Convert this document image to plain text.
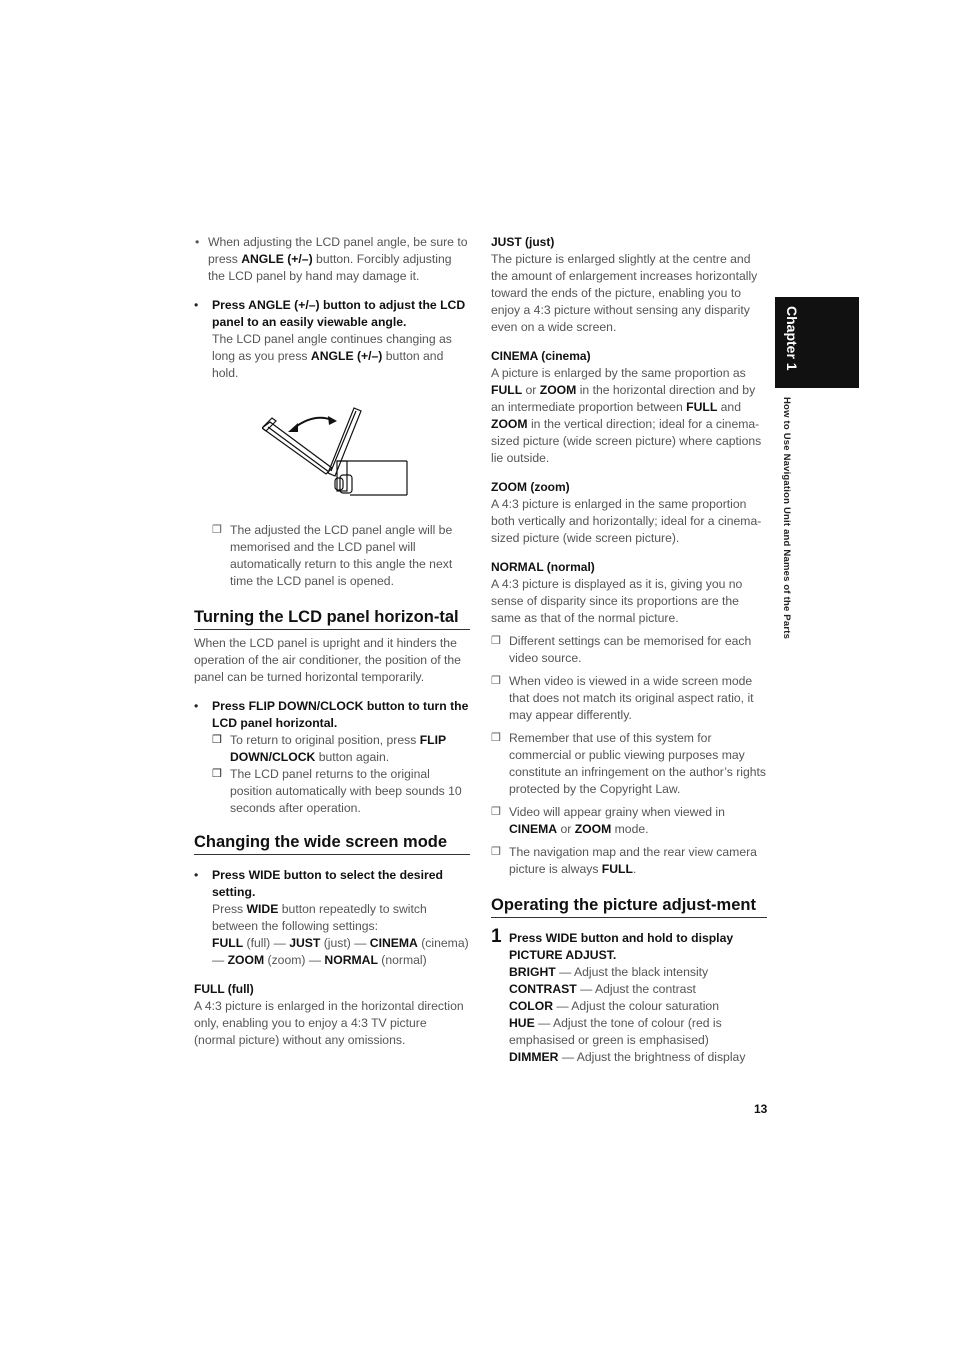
• When adjusting the LCD panel angle, be sure to press ANGLE (+/–) button. Forcibly adjusting the LCD panel by hand may damage it.

• Press ANGLE (+/–) button to adjust the LCD panel to an easily viewable angle.

The LCD panel angle continues changing as long as you press ANGLE (+/–) button and hold.

❒ The adjusted the LCD panel angle will be memorised and the LCD panel will automatically return to this angle the next time the LCD panel is opened.

Turning the LCD panel horizon-tal

When the LCD panel is upright and it hinders the operation of the air conditioner, the position of the panel can be turned horizontal temporarily.

• Press FLIP DOWN/CLOCK button to turn the LCD panel horizontal.

❒ To return to original position, press FLIP DOWN/CLOCK button again.

❒ The LCD panel returns to the original position automatically with beep sounds 10 seconds after operation.

Changing the wide screen mode
• Press WIDE button to select the desired setting.

Press WIDE button repeatedly to switch between the following settings:

FULL (full) — JUST (just) — CINEMA (cinema) — ZOOM (zoom) — NORMAL (normal)

FULL (full)

A 4:3 picture is enlarged in the horizontal direction only, enabling you to enjoy a 4:3 TV picture (normal picture) without any omissions.

JUST (just)

The picture is enlarged slightly at the centre and the amount of enlargement increases horizontally toward the ends of the picture, enabling you to enjoy a 4:3 picture without sensing any disparity even on a wide screen.

CINEMA (cinema)

A picture is enlarged by the same proportion as FULL or ZOOM in the horizontal direction and by an intermediate proportion between FULL and ZOOM in the vertical direction; ideal for a cinema-sized picture (wide screen picture) where captions lie outside.

ZOOM (zoom)

A 4:3 picture is enlarged in the same proportion both vertically and horizontally; ideal for a cinema-sized picture (wide screen picture).

NORMAL (normal)

A 4:3 picture is displayed as it is, giving you no sense of disparity since its proportions are the same as that of the normal picture.

❒ Different settings can be memorised for each video source.

❒ When video is viewed in a wide screen mode that does not match its original aspect ratio, it may appear differently.

❒ Remember that use of this system for commercial or public viewing purposes may constitute an infringement on the author’s rights protected by the Copyright Law.

❒ Video will appear grainy when viewed in CINEMA or ZOOM mode.

❒ The navigation map and the rear view camera picture is always FULL.

Operating the picture adjust-ment
1 Press WIDE button and hold to display PICTURE ADJUST.

BRIGHT — Adjust the black intensity

CONTRAST — Adjust the contrast

COLOR — Adjust the colour saturation

HUE — Adjust the tone of colour (red is emphasised or green is emphasised)

DIMMER — Adjust the brightness of display

Chapter 1
How to Use Navigation Unit and Names of the Parts
13
